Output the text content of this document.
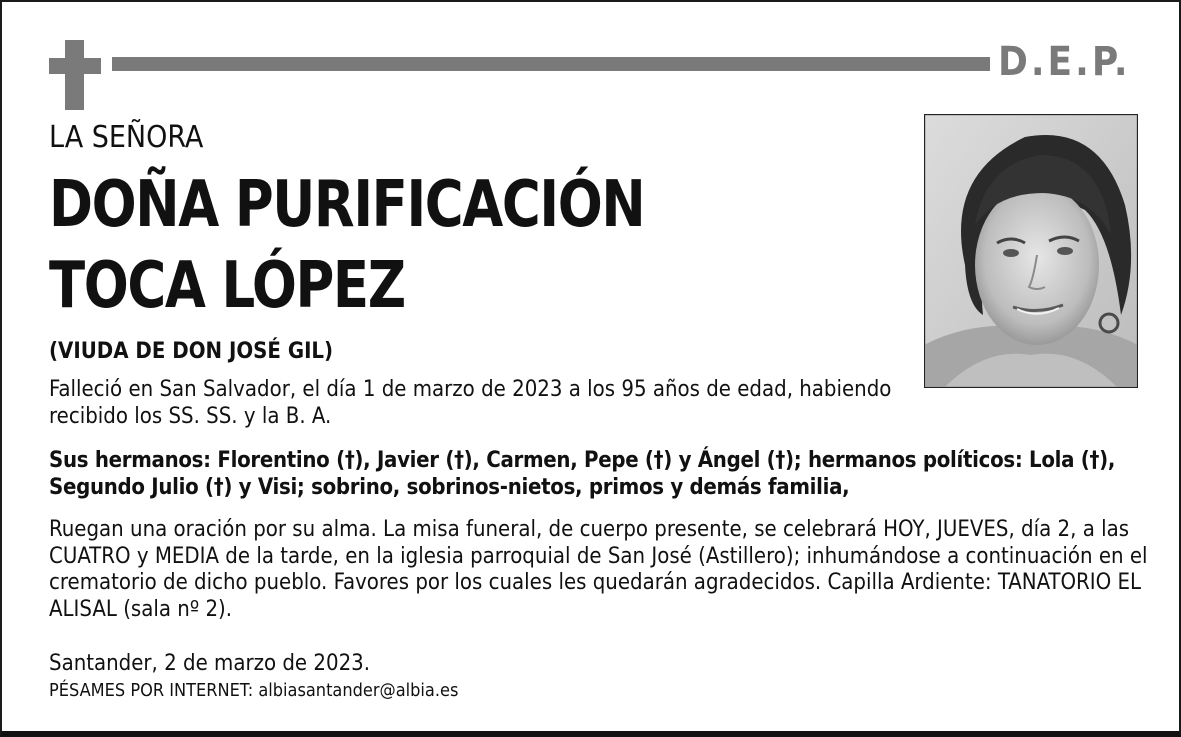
D.E.P.
LA SEÑORA
DOÑA PURIFICACIÓN
TOCA LÓPEZ
(VIUDA DE DON JOSÉ GIL)

Falleció en San Salvador, el día 1 de marzo de 2023 a los 95 años de edad, habiendo recibido los SS. SS. y la B. A.

Sus hermanos: Florentino (†), Javier (†), Carmen, Pepe (†) y Ángel (†); hermanos políticos: Lola (†), Segundo Julio (†) y Visi; sobrino, sobrinos-nietos, primos y demás familia,

Ruegan una oración por su alma. La misa funeral, de cuerpo presente, se celebrará HOY, JUEVES, día 2, a las CUATRO y MEDIA de la tarde, en la iglesia parroquial de San José (Astillero); inhumándose a continuación en el crematorio de dicho pueblo. Favores por los cuales les quedarán agradecidos. Capilla Ardiente: TANATORIO EL ALISAL (sala nº 2).

Santander, 2 de marzo de 2023.
PÉSAMES POR INTERNET: albiasantander@albia.es
